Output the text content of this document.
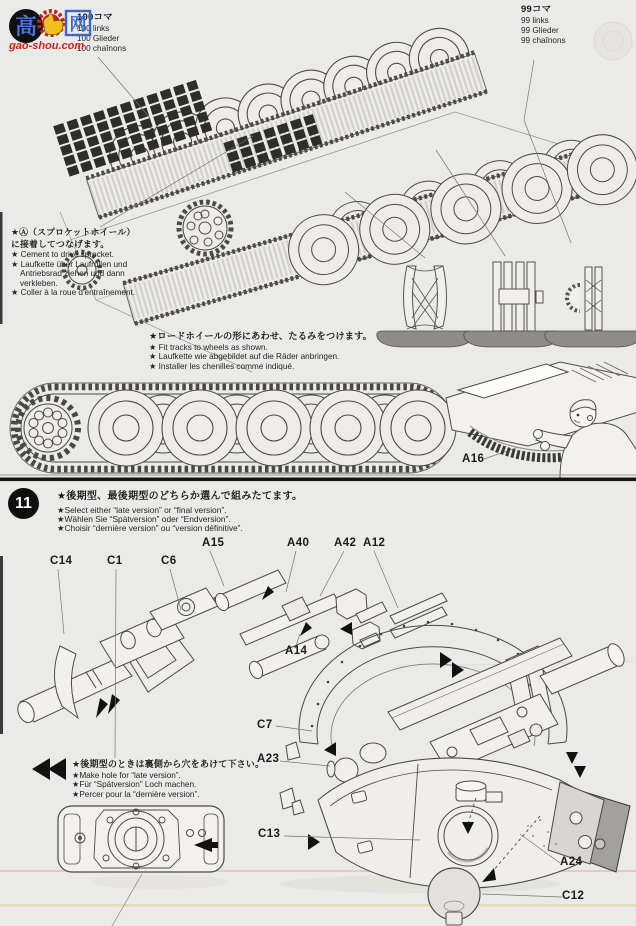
高 网
gao-shou.com
100コマ
100 links
100 Glieder
100 chaînons
99コマ
99 links
99 Glieder
99 chaînons
★Ⓐ（スプロケットホイール）
に接着してつなげます。
★ Cement to drive sprocket.
★ Laufkette über Laufrollen und
Antriebsrad ziehen und dann
verkleben.
★ Coller à la roue d'entraînement.
★ロードホイールの形にあわせ、たるみをつけます。
★ Fit tracks to wheels as shown.
★ Laufkette wie abgebildet auf die Räder anbringen.
★ Installer les chenilles comme indiqué.
A16
11	★後期型、最後期型のどちらか選んで組みたてます。
★Select either “late version” or “final version”.
★Wählen Sie “Spätversion” oder “Endversion”.
★Choisir “dernière version” ou “version définitive”.
C14	C1	C6
A15	A40 A42 A12
A14
C7
A23
C13
A24
C12
★後期型のときは裏側から穴をあけて下さい。
★Make hole for “late version”.
★Für “Spätversion” Loch machen.
★Percer pour la “dernière version”.
